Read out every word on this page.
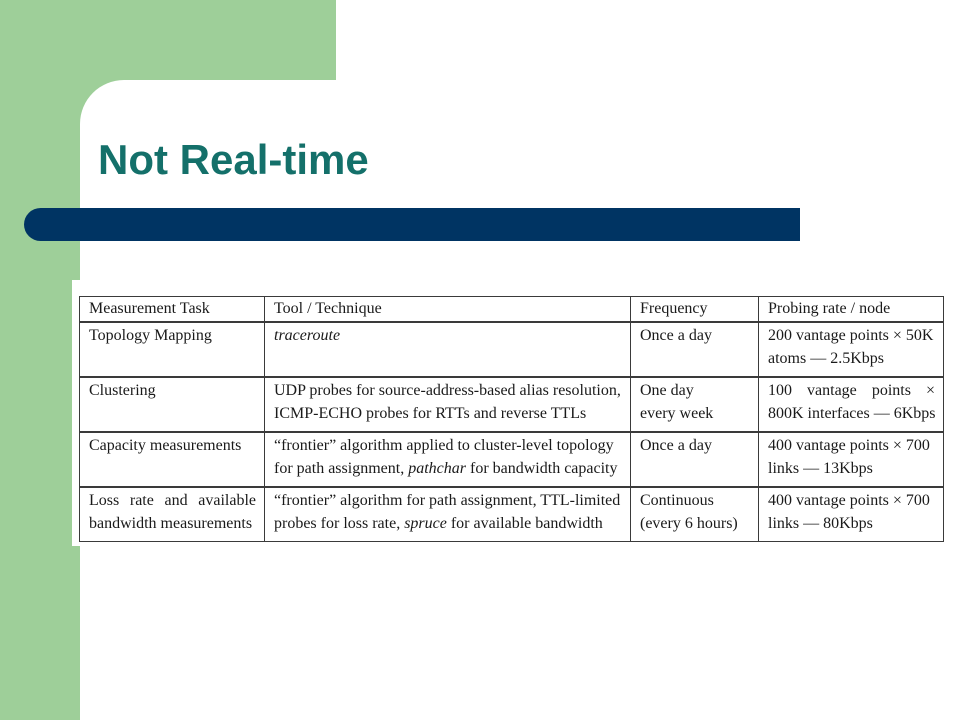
Not Real-time
Measurement Task	Tool / Technique	Frequency	Probing rate / node

Topology Mapping	traceroute	Once a day	200 vantage points × 50K
atoms — 2.5Kbps

Clustering	UDP probes for source-address-based alias resolution,
ICMP-ECHO probes for RTTs and reverse TTLs	One day
every week	100 vantage points ×
800K interfaces — 6Kbps

Capacity measurements	“frontier” algorithm applied to cluster-level topology
for path assignment, pathchar for bandwidth capacity	Once a day	400 vantage points × 700
links — 13Kbps

Loss rate and available
bandwidth measurements	“frontier” algorithm for path assignment, TTL-limited
probes for loss rate, spruce for available bandwidth	Continuous
(every 6 hours)	400 vantage points × 700
links — 80Kbps
